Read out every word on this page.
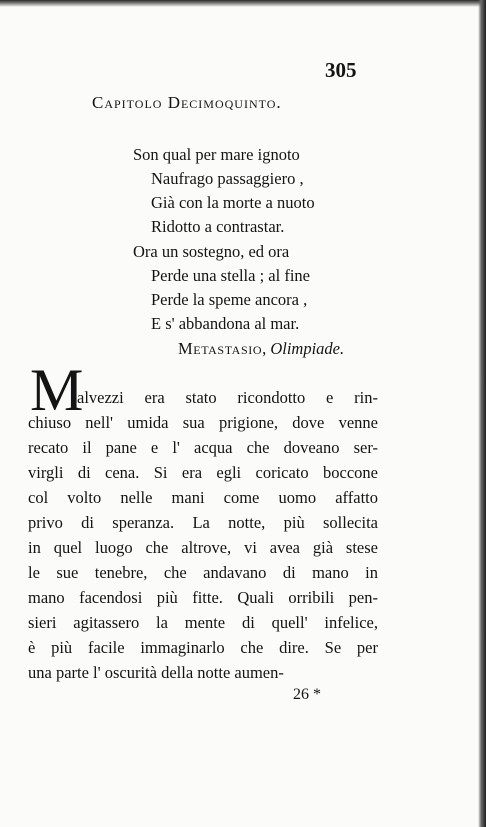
305
Capitolo Decimoquinto.
Son qual per mare ignoto
Naufrago passaggiero ,
Già con la morte a nuoto
Ridotto a contrastar.
Ora un sostegno, ed ora
Perde una stella ; al fine
Perde la speme ancora ,
E s' abbandona al mar.
Metastasio, Olimpiade.
M
alvezzi era stato ricondotto e rin-
chiuso nell' umida sua prigione, dove venne
recato il pane e l' acqua che doveano ser-
virgli di cena. Si era egli coricato boccone
col volto nelle mani come uomo affatto
privo di speranza. La notte, più sollecita
in quel luogo che altrove, vi avea già stese
le sue tenebre, che andavano di mano in
mano facendosi più fitte. Quali orribili pen-
sieri agitassero la mente di quell' infelice,
è più facile immaginarlo che dire. Se per
una parte l' oscurità della notte aumen-
26 *
